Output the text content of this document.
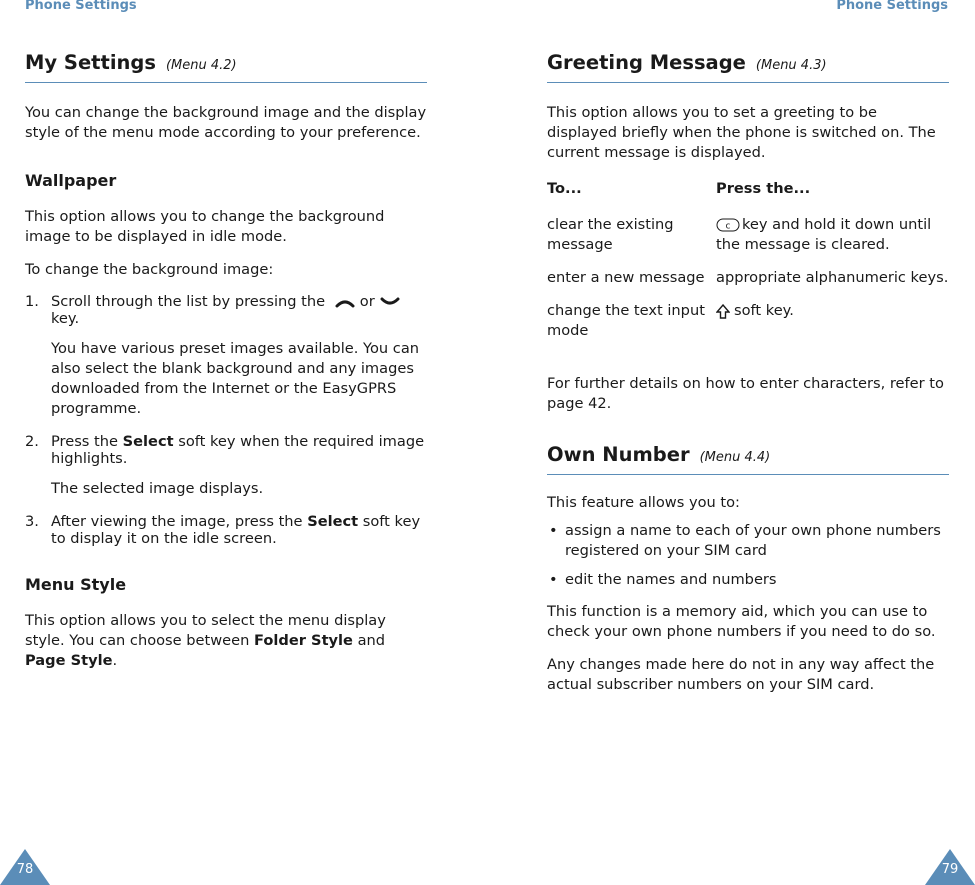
Phone Settings
My Settings (Menu 4.2)

You can change the background image and the display style of the menu mode according to your preference.

Wallpaper

This option allows you to change the background image to be displayed in idle mode.

To change the background image:

1. Scroll through the list by pressing the or key.

You have various preset images available. You can also select the blank background and any images downloaded from the Internet or the EasyGPRS programme.

2. Press the Select soft key when the required image highlights.

The selected image displays.

3. After viewing the image, press the Select soft key to display it on the idle screen.
Menu Style

This option allows you to select the menu display style. You can choose between Folder Style and Page Style.

78
Phone Settings
Greeting Message (Menu 4.3)

This option allows you to set a greeting to be displayed briefly when the phone is switched on. The current message is displayed.

To...	Press the...
clear the existing message	c key and hold it down until the message is cleared.
enter a new message	appropriate alphanumeric keys.
change the text input mode	soft key.

For further details on how to enter characters, refer to page 42.

Own Number (Menu 4.4)

This feature allows you to:

• assign a name to each of your own phone numbers registered on your SIM card
• edit the names and numbers

This function is a memory aid, which you can use to check your own phone numbers if you need to do so.

Any changes made here do not in any way affect the actual subscriber numbers on your SIM card.

79
